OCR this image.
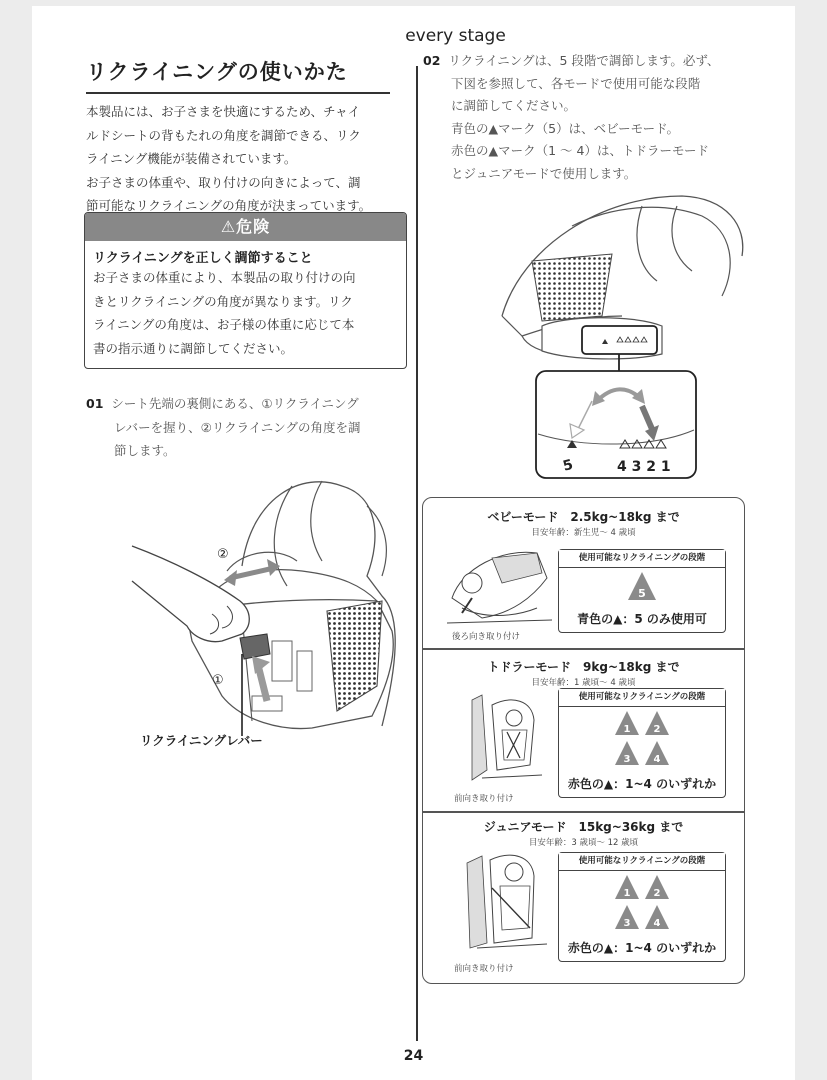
every stage
リクライニングの使いかた
本製品には、お子さまを快適にするため、チャイ
ルドシートの背もたれの角度を調節できる、リク
ライニング機能が装備されています。
お子さまの体重や、取り付けの向きによって、調
節可能なリクライニングの角度が決まっています。
⚠危険
リクライニングを正しく調節すること
お子さまの体重により、本製品の取り付けの向
きとリクライニングの角度が異なります。リク
ライニングの角度は、お子様の体重に応じて本
書の指示通りに調節してください。
01 シート先端の裏側にある、①リクライニング
レバーを握り、②リクライニングの角度を調
節します。
②
①
リクライニングレバー
02 リクライニングは、5 段階で調節します。必ず、
下図を参照して、各モードで使用可能な段階
に調節してください。
青色の▲マーク（5）は、ベビーモード。
赤色の▲マーク（1 ～ 4）は、トドラーモード
とジュニアモードで使用します。
5	4 3 2 1
ベビーモード　2.5kg~18kg まで
目安年齢：新生児～ 4 歳頃
後ろ向き取り付け
使用可能なリクライニングの段階
5
青色の▲：5 のみ使用可
トドラーモード　9kg~18kg まで
目安年齢：1 歳頃～ 4 歳頃
前向き取り付け
使用可能なリクライニングの段階
1 2
3 4
赤色の▲：1~4 のいずれか
ジュニアモード　15kg~36kg まで
目安年齢：3 歳頃～ 12 歳頃
前向き取り付け
使用可能なリクライニングの段階
1 2
3 4
赤色の▲：1~4 のいずれか
24
